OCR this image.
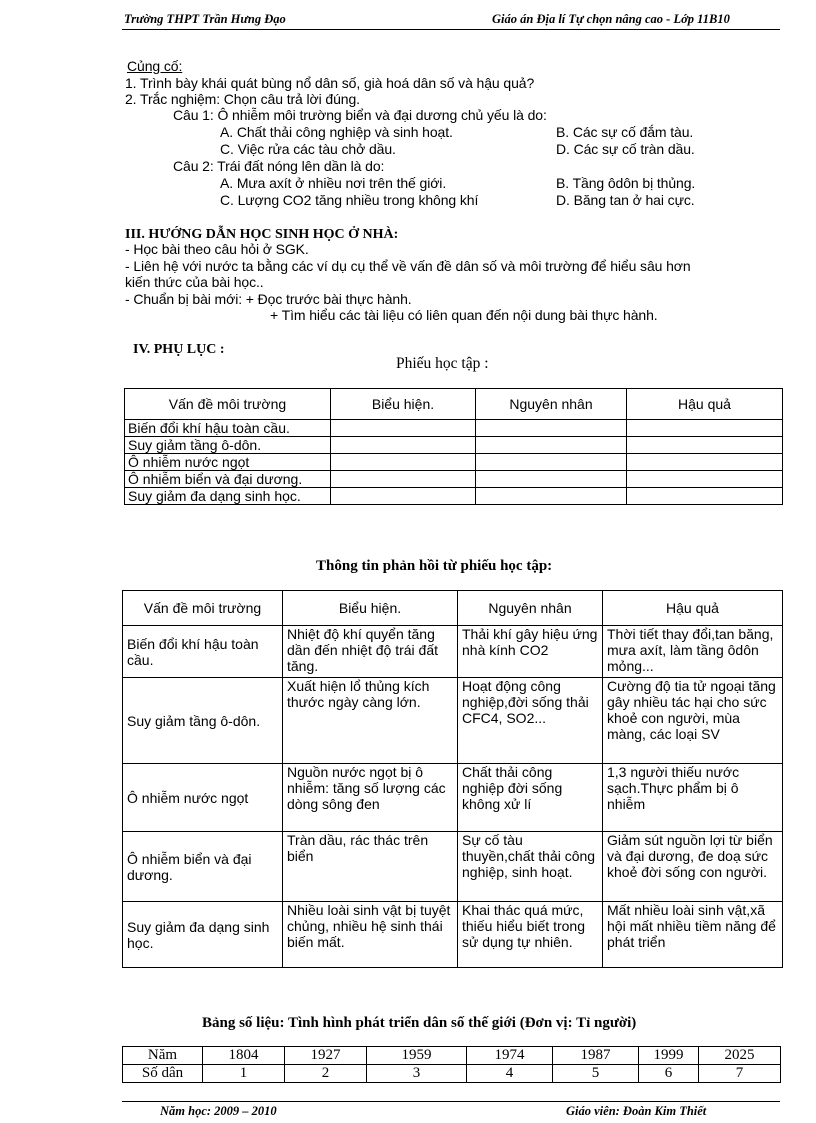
Trường THPT Trần Hưng Đạo	Giáo án Địa lí Tự chọn nâng cao - Lớp 11B10
Củng cố:
1. Trình bày khái quát bùng nổ dân số, già hoá dân số và hậu quả?
2. Trắc nghiệm: Chọn câu trả lời đúng.
Câu 1: Ô nhiễm môi trường biển và đại dương chủ yếu là do:
A. Chất thải công nghiệp và sinh hoạt.	B. Các sự cố đắm tàu.
C. Việc rửa các tàu chở dầu.	D. Các sự cố tràn dầu.
Câu 2: Trái đất nóng lên dần là do:
A. Mưa axít ở nhiều nơi trên thế giới.	B. Tầng ôdôn bị thủng.
C. Lượng CO2 tăng nhiều trong không khí	D. Băng tan ở hai cực.
III. HƯỚNG DẪN HỌC SINH HỌC Ở NHÀ:
- Học bài theo câu hỏi ở SGK.
- Liên hệ với nước ta bằng các ví dụ cụ thể về vấn đề dân số và môi trường để hiểu sâu hơn
kiến thức của bài học..
- Chuẩn bị bài mới: + Đọc trước bài thực hành.
+ Tìm hiểu các tài liệu có liên quan đến nội dung bài thực hành.
IV. PHỤ LỤC :
Phiếu học tập :
Vấn đề môi trường	Biểu hiện.	Nguyên nhân	Hậu quả
Biến đổi khí hậu toàn cầu.			
Suy giảm tầng ô-dôn.			
Ô nhiễm nước ngọt			
Ô nhiễm biển và đại dương.			
Suy giảm đa dạng sinh học.			
Thông tin phản hồi từ phiếu học tập:
Vấn đề môi trường	Biểu hiện.	Nguyên nhân	Hậu quả
Biến đổi khí hậu toàn cầu.	Nhiệt độ khí quyển tăng dần đến nhiệt độ trái đất tăng.	Thải khí gây hiệu ứng nhà kính CO2	Thời tiết thay đổi,tan băng, mưa axít, làm tầng ôdôn mỏng...
Suy giảm tầng ô-dôn.	Xuất hiện lổ thủng kích thước ngày càng lớn.	Hoạt động công nghiệp,đời sống thải CFC4, SO2...	Cường độ tia tử ngoại tăng gây nhiều tác hại cho sức khoẻ con người, mùa màng, các loại SV
Ô nhiễm nước ngọt	Nguồn nước ngọt bị ô nhiễm: tăng số lượng các dòng sông đen	Chất thải công nghiệp đời sống không xử lí	1,3 người thiếu nước sạch.Thực phẩm bị ô nhiễm
Ô nhiễm biển và đại dương.	Tràn dầu, rác thác trên biển	Sự cố tàu thuyền,chất thải công nghiệp, sinh hoạt.	Giảm sút nguồn lợi từ biển và đại dương, đe doạ sức khoẻ đời sống con người.
Suy giảm đa dạng sinh học.	Nhiều loài sinh vật bị tuyệt chủng, nhiều hệ sinh thái biến mất.	Khai thác quá mức, thiếu hiểu biết trong sử dụng tự nhiên.	Mất nhiều loài sinh vật,xã hội mất nhiều tiềm năng để phát triển
Bảng số liệu: Tình hình phát triển dân số thế giới (Đơn vị: Tỉ người)
Năm	1804	1927	1959	1974	1987	1999	2025
Số dân	1	2	3	4	5	6	7
Năm học: 2009 – 2010	Giáo viên: Đoàn Kim Thiết
